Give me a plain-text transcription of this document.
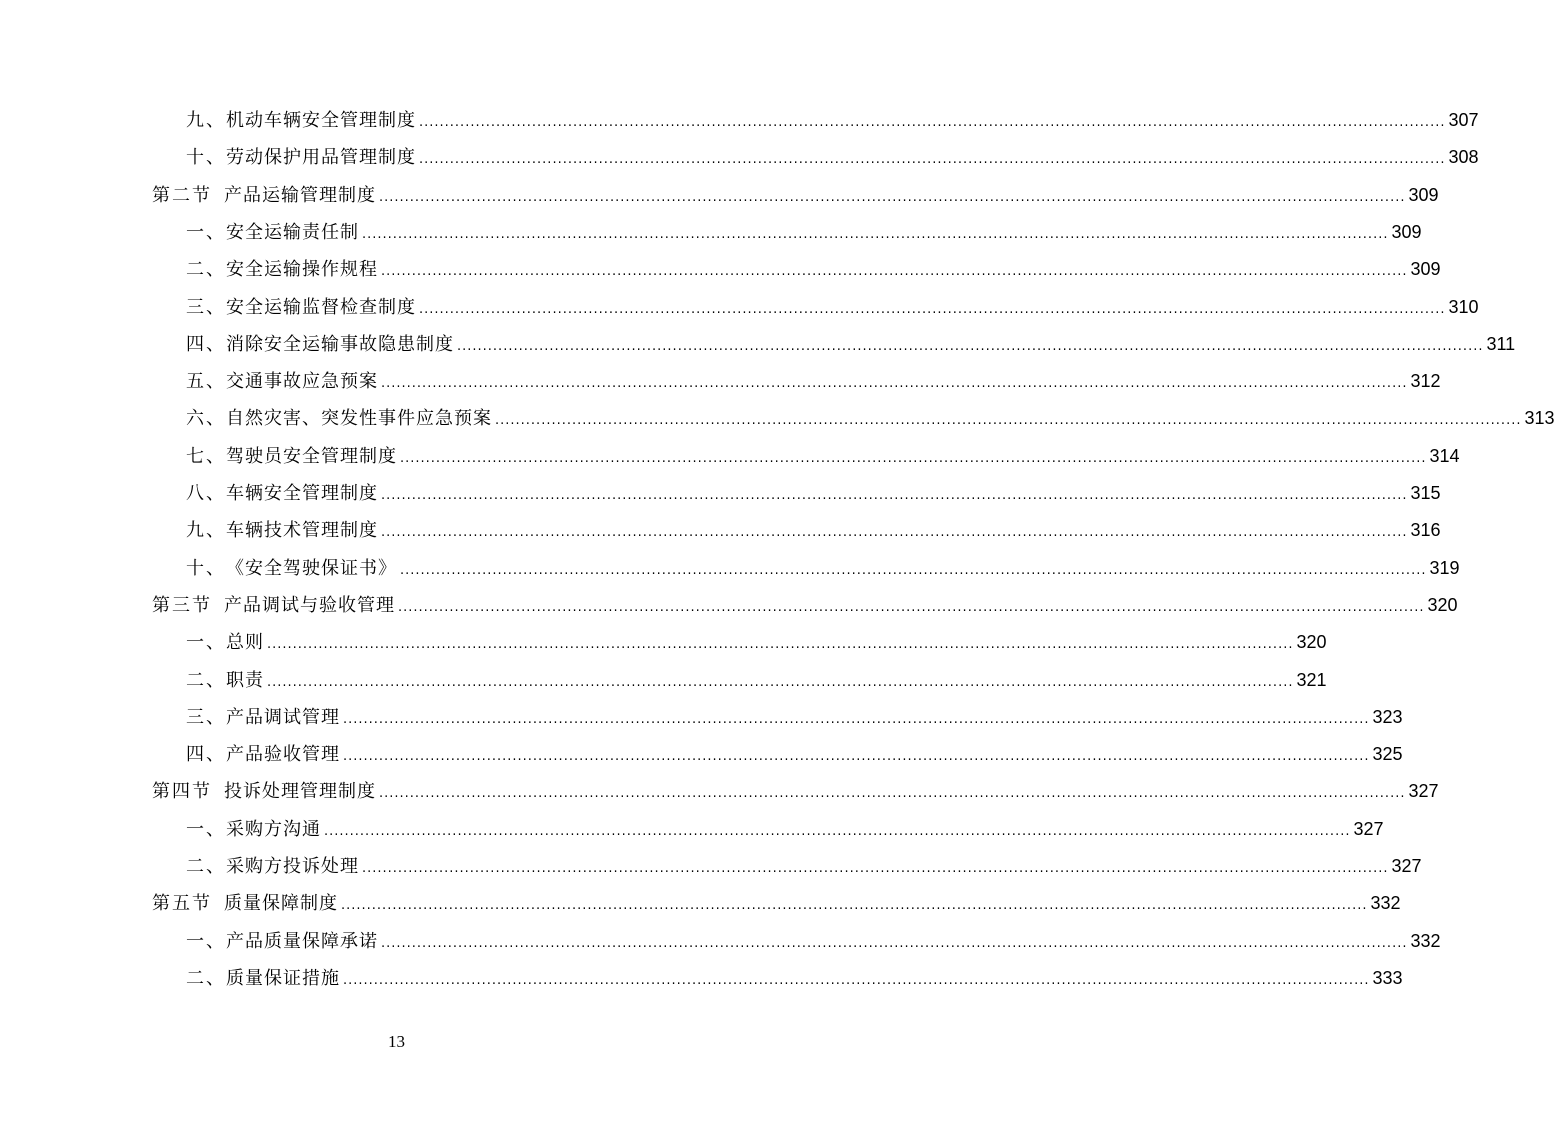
九、 机动车辆安全管理制度 ........................................................................................................................................................................................................ 307
十、 劳动保护用品管理制度 ........................................................................................................................................................................................................ 308
第二节 产品运输管理制度 ........................................................................................................................................................................................................ 309
一、 安全运输责任制 ........................................................................................................................................................................................................ 309
二、 安全运输操作规程 ........................................................................................................................................................................................................ 309
三、 安全运输监督检查制度 ........................................................................................................................................................................................................ 310
四、 消除安全运输事故隐患制度 ........................................................................................................................................................................................................ 311
五、 交通事故应急预案 ........................................................................................................................................................................................................ 312
六、 自然灾害、突发性事件应急预案 ........................................................................................................................................................................................................ 313
七、 驾驶员安全管理制度 ........................................................................................................................................................................................................ 314
八、 车辆安全管理制度 ........................................................................................................................................................................................................ 315
九、 车辆技术管理制度 ........................................................................................................................................................................................................ 316
十、 《安全驾驶保证书》 ........................................................................................................................................................................................................ 319
第三节 产品调试与验收管理 ........................................................................................................................................................................................................ 320
一、 总则 ........................................................................................................................................................................................................ 320
二、 职责 ........................................................................................................................................................................................................ 321
三、 产品调试管理 ........................................................................................................................................................................................................ 323
四、 产品验收管理 ........................................................................................................................................................................................................ 325
第四节 投诉处理管理制度 ........................................................................................................................................................................................................ 327
一、 采购方沟通 ........................................................................................................................................................................................................ 327
二、 采购方投诉处理 ........................................................................................................................................................................................................ 327
第五节 质量保障制度 ........................................................................................................................................................................................................ 332
一、 产品质量保障承诺 ........................................................................................................................................................................................................ 332
二、 质量保证措施 ........................................................................................................................................................................................................ 333
13
